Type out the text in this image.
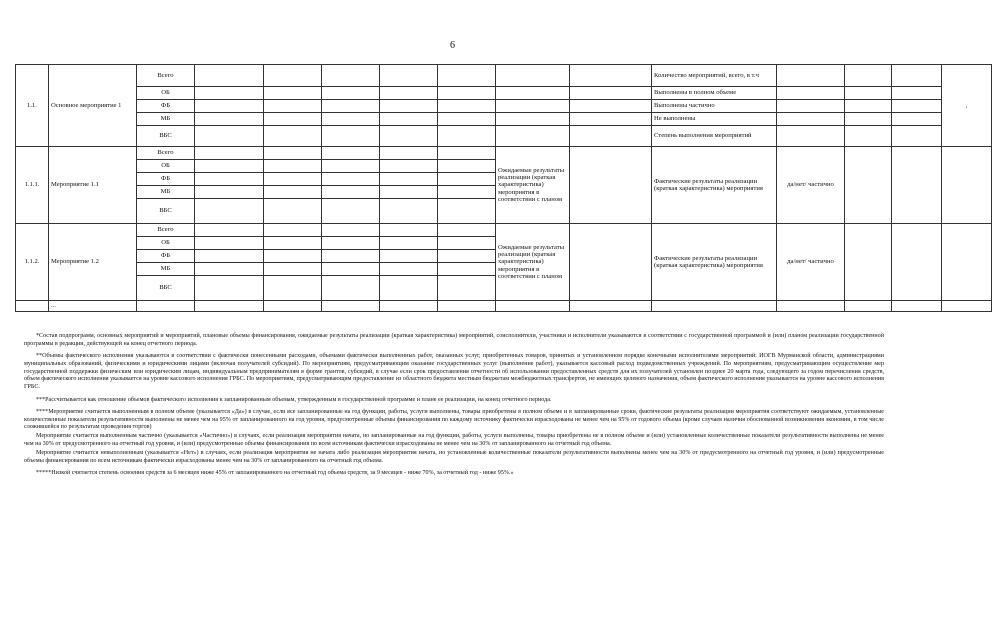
6
1.1.	Основное мероприятие 1	Всего								Количество мероприятий, всего, в т.ч				,
		ОБ								Выполнены в полном объеме				
		ФБ								Выполнены частично				
		МБ								Не выполнены				
		ВБС								Степень выполнения мероприятий				
1.1.1.	Мероприятие 1.1	Всего						Ожидаемые результаты реализации (краткая характеристика) мероприятия в соответствии с планом		Фактические результаты реализации (краткая характеристика) мероприятия	да/нет/ частично			
		ОБ												
		ФБ												
		МБ												
		ВБС												
1.1.2.	Мероприятие 1.2	Всего						Ожидаемые результаты реализации (краткая характеристика) мероприятия в соответствии с планом		Фактические результаты реализации (краткая характеристика) мероприятия	да/нет/ частично			
		ОБ												
		ФБ												
		МБ												
		ВБС												
	...													

*Состав подпрограмм, основных мероприятий и мероприятий, плановые объемы финансирования, ожидаемые результаты реализации (краткая характеристика) мероприятий, соисполнители, участники и исполнители указываются в соответствии с государственной программой и (или) планом реализации государственной программы в редакции, действующей на конец отчетного периода.

**Объемы фактического исполнения указываются в соответствии с фактически понесенными расходами, объемами фактически выполненных работ, оказанных услуг, приобретенных товаров, принятых и установленном порядке конечными исполнителями мероприятий: ИОГВ Мурманской области, администрациями муниципальных образований, физическими и юридическими лицами (включая получателей субсидий). По мероприятиям, предусматривающим оказание государственных услуг (выполнение работ), указывается кассовый расход подведомственных учреждений. По мероприятиям, предусматривающим осуществление мер государственной поддержки физическим или юридическим лицам, индивидуальным предпринимателям в форме грантов, субсидий, в случае если срок предоставления отчетности об использовании предоставленных средств для их получателей установлен позднее 20 марта года, следующего за годом перечисления средств, объем фактического исполнения указывается на уровне кассового исполнения ГРБС. По мероприятиям, предусматривающим предоставление из областного бюджета местным бюджетам межбюджетных трансфертов, не имеющих целевого назначения, объем фактического исполнения указывается на уровне кассового исполнения ГРБС.

***Рассчитывается как отношение объемов фактического исполнения к запланированным объемам, утвержденным в государственной программе и плане ее реализации, на конец отчетного периода.

****Мероприятие считается выполненным в полном объеме (указывается «Да») в случае, если все запланированные на год функции, работы, услуги выполнены, товары приобретены в полном объеме и в запланированные сроки, фактические результаты реализации мероприятия соответствуют ожидаемым, установленные количественные показатели результативности выполнены не менее чем на 95% от запланированного на год уровня, предусмотренные объемы финансирования по каждому источнику фактически израсходованы не менее чем на 95% от годового объема (кроме случаев наличия обоснованной возникновения экономии, в том числе сложившейся по результатам проведения торгов)

Мероприятие считается выполненным частично (указывается «Частично») в случаях, если реализация мероприятия начата, но запланированные на год функции, работы, услуги выполнены, товары приобретены не в полном объеме и (или) установленные количественные показатели результативности выполнены не менее чем на 30% от предусмотренного на отчетный год уровня, и (или) предусмотренные объемы финансирования по всем источникам фактически израсходованы не менее чем на 30% от запланированного на отчетный год объема.

Мероприятие считается невыполненным (указывается «Нет») в случаях, если реализация мероприятия не начата либо реализация мероприятия начата, но установленные количественные показатели результативности выполнены менее чем на 30% от предусмотренного на отчетный год уровня, и (или) предусмотренные объемы финансирования по всем источникам фактически израсходованы менее чем на 30% от запланированного на отчетный год объема.

*****Низкой считается степень освоения средств за 6 месяцев ниже 45% от запланированного на отчетный год объема средств, за 9 месяцев - ниже 70%, за отчетный год - ниже 95%.»
